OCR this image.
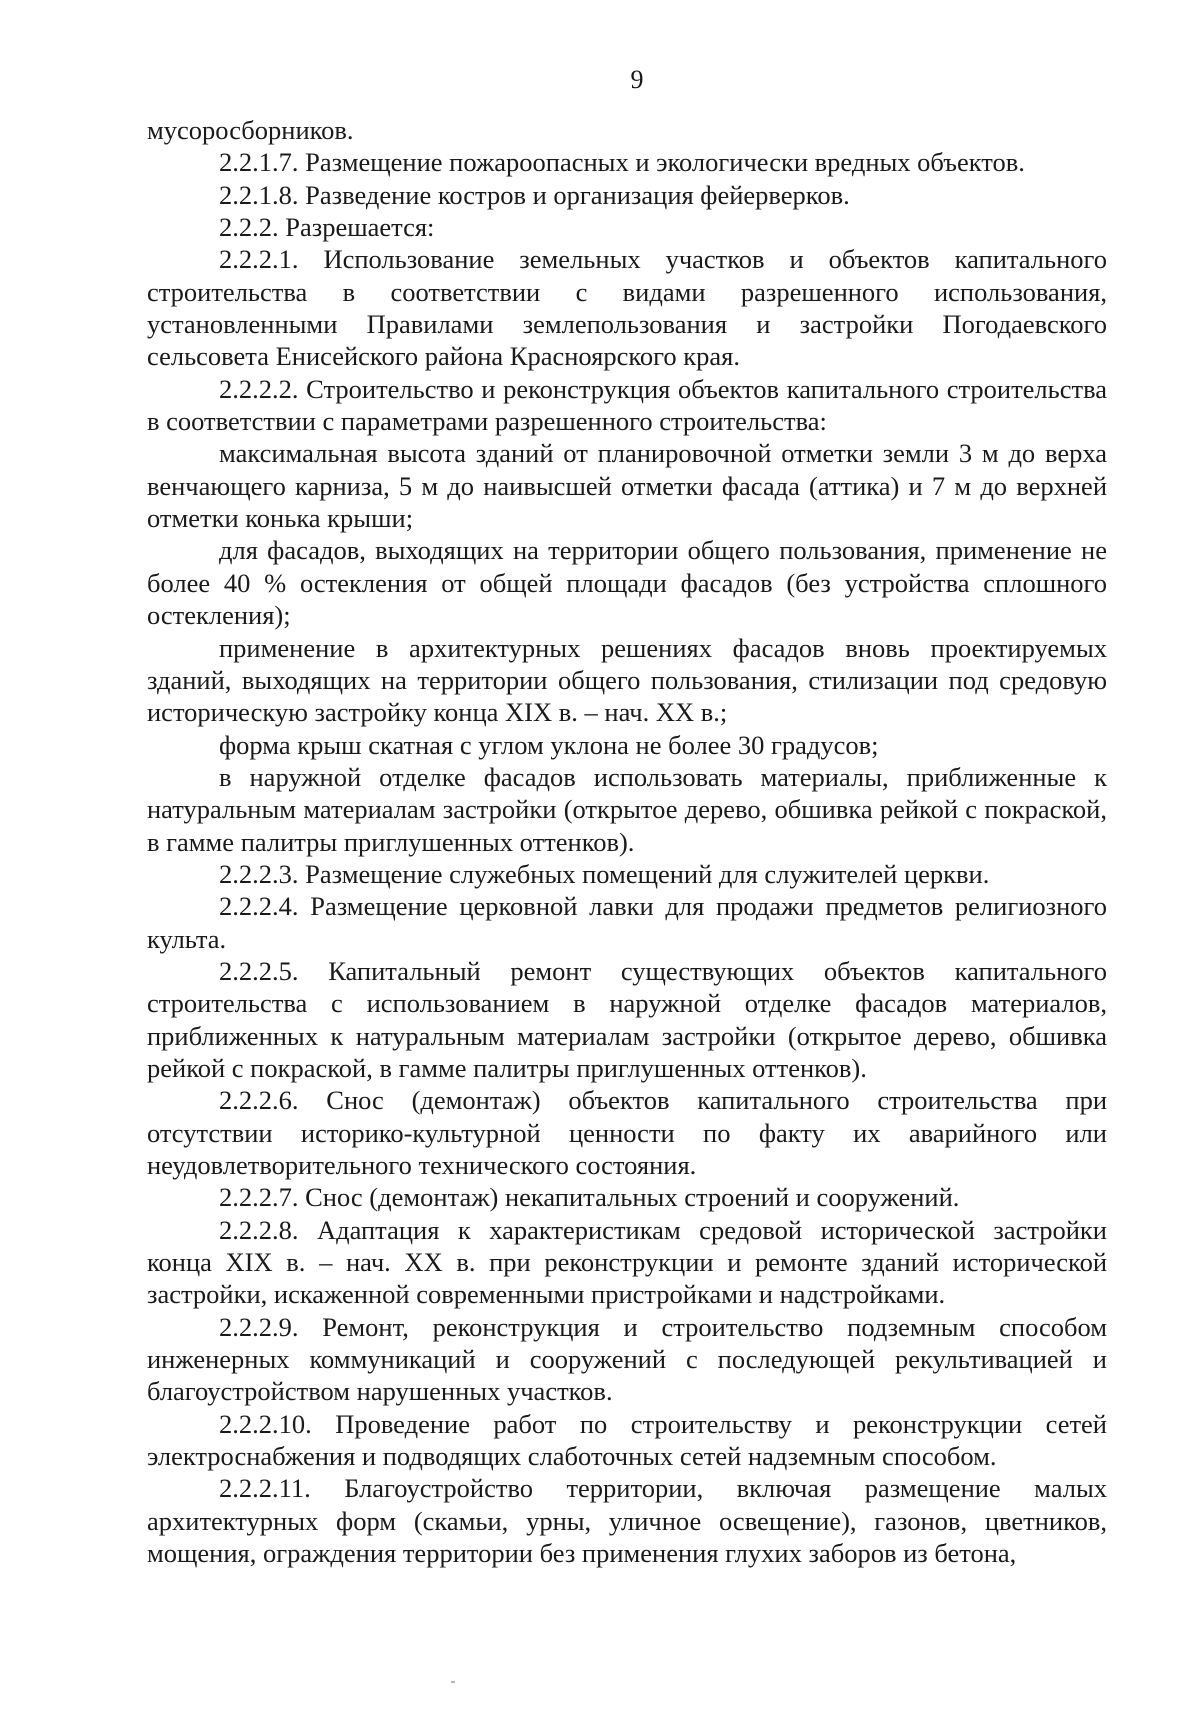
9

мусоросборников.

2.2.1.7. Размещение пожароопасных и экологически вредных объектов.

2.2.1.8. Разведение костров и организация фейерверков.

2.2.2. Разрешается:

2.2.2.1. Использование земельных участков и объектов капитального строительства в соответствии с видами разрешенного использования, установленными Правилами землепользования и застройки Погодаевского сельсовета Енисейского района Красноярского края.

2.2.2.2. Строительство и реконструкция объектов капитального строительства в соответствии с параметрами разрешенного строительства:

максимальная высота зданий от планировочной отметки земли 3 м до верха венчающего карниза, 5 м до наивысшей отметки фасада (аттика) и 7 м до верхней отметки конька крыши;

для фасадов, выходящих на территории общего пользования, применение не более 40 % остекления от общей площади фасадов (без устройства сплошного остекления);

применение в архитектурных решениях фасадов вновь проектируемых зданий, выходящих на территории общего пользования, стилизации под средовую историческую застройку конца XIX в. – нач. XX в.;

форма крыш скатная с углом уклона не более 30 градусов;

в наружной отделке фасадов использовать материалы, приближенные к натуральным материалам застройки (открытое дерево, обшивка рейкой с покраской, в гамме палитры приглушенных оттенков).

2.2.2.3. Размещение служебных помещений для служителей церкви.

2.2.2.4. Размещение церковной лавки для продажи предметов религиозного культа.

2.2.2.5. Капитальный ремонт существующих объектов капитального строительства с использованием в наружной отделке фасадов материалов, приближенных к натуральным материалам застройки (открытое дерево, обшивка рейкой с покраской, в гамме палитры приглушенных оттенков).

2.2.2.6. Снос (демонтаж) объектов капитального строительства при отсутствии историко-культурной ценности по факту их аварийного или неудовлетворительного технического состояния.

2.2.2.7. Снос (демонтаж) некапитальных строений и сооружений.

2.2.2.8. Адаптация к характеристикам средовой исторической застройки конца XIX в. – нач. XX в. при реконструкции и ремонте зданий исторической застройки, искаженной современными пристройками и надстройками.

2.2.2.9. Ремонт, реконструкция и строительство подземным способом инженерных коммуникаций и сооружений с последующей рекультивацией и благоустройством нарушенных участков.

2.2.2.10. Проведение работ по строительству и реконструкции сетей электроснабжения и подводящих слаботочных сетей надземным способом.

2.2.2.11. Благоустройство территории, включая размещение малых архитектурных форм (скамьи, урны, уличное освещение), газонов, цветников, мощения, ограждения территории без применения глухих заборов из бетона,
